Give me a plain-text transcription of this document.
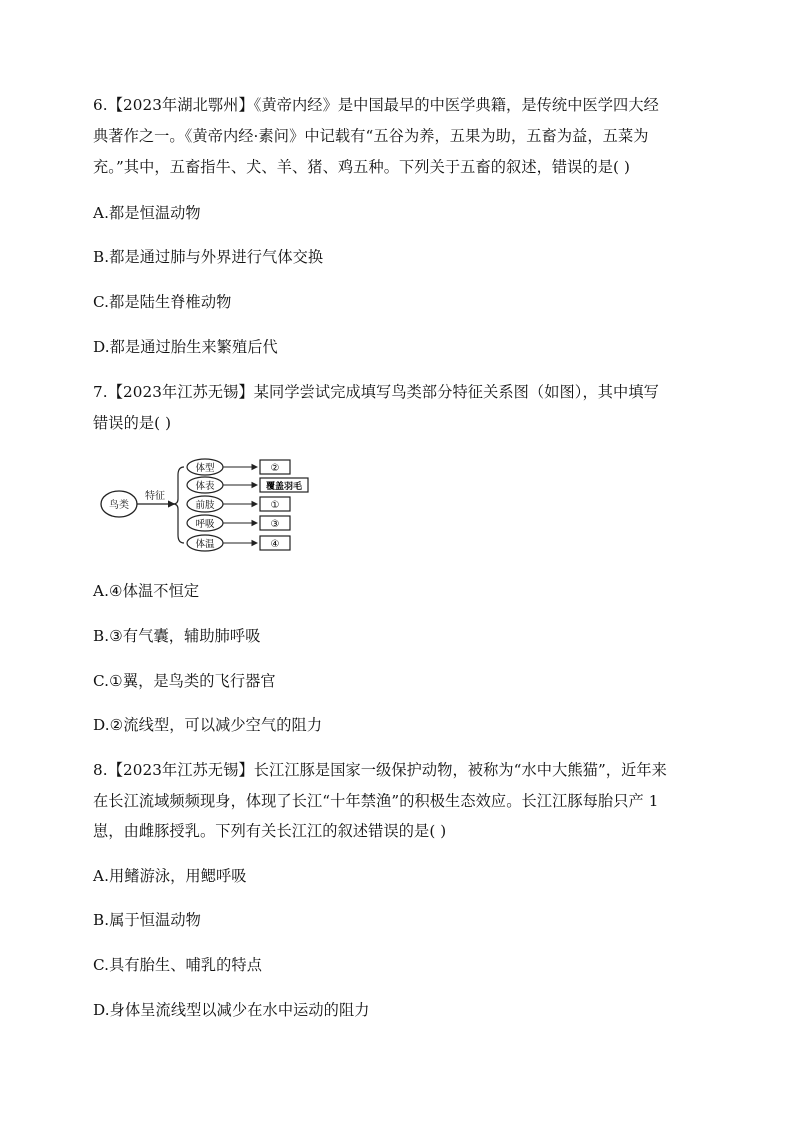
6.【2023年湖北鄂州】《黄帝内经》是中国最早的中医学典籍，是传统中医学四大经
典著作之一。《黄帝内经·素问》中记载有“五谷为养，五果为助，五畜为益，五菜为
充。”其中，五畜指牛、犬、羊、猪、鸡五种。下列关于五畜的叙述，错误的是( )
A.都是恒温动物
B.都是通过肺与外界进行气体交换
C.都是陆生脊椎动物
D.都是通过胎生来繁殖后代
7.【2023年江苏无锡】某同学尝试完成填写鸟类部分特征关系图（如图），其中填写
错误的是( )
鸟类
特征
体型	②
体表	覆盖羽毛
前肢	①
呼吸	③
体温	④
A.④体温不恒定
B.③有气囊，辅助肺呼吸
C.①翼，是鸟类的飞行器官
D.②流线型，可以减少空气的阻力
8.【2023年江苏无锡】长江江豚是国家一级保护动物，被称为“水中大熊猫”，近年来
在长江流域频频现身，体现了长江“十年禁渔”的积极生态效应。长江江豚每胎只产 1
崽，由雌豚授乳。下列有关长江江的叙述错误的是( )
A.用鳍游泳，用鳃呼吸
B.属于恒温动物
C.具有胎生、哺乳的特点
D.身体呈流线型以减少在水中运动的阻力
